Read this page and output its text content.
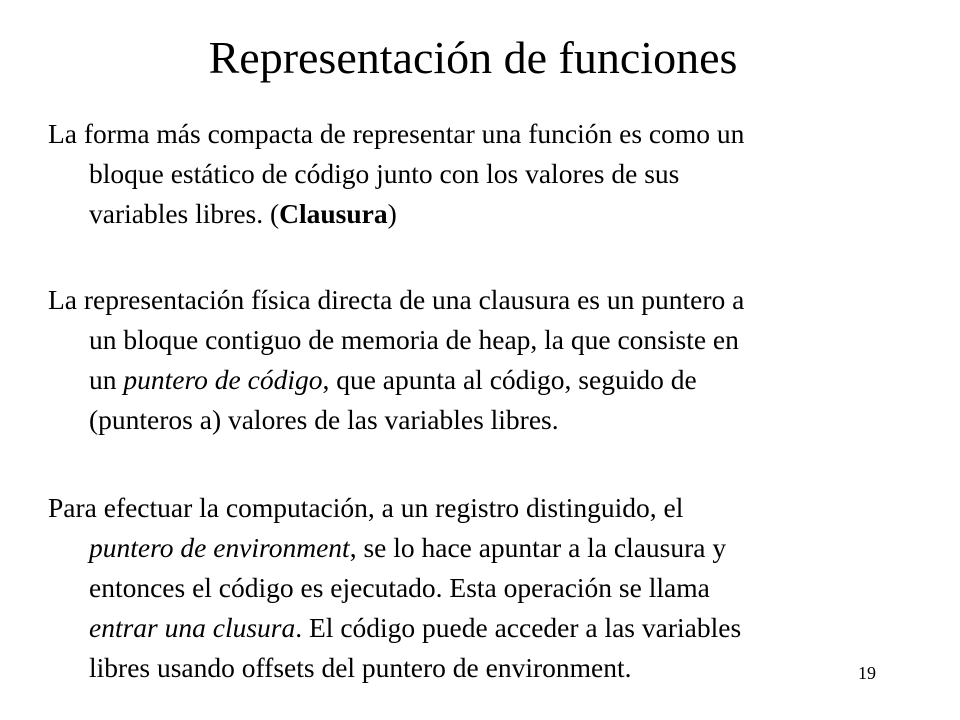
Representación de funciones
La forma más compacta de representar una función es como un
bloque estático de código junto con los valores de sus
variables libres. (Clausura)
La representación física directa de una clausura es un puntero a
un bloque contiguo de memoria de heap, la que consiste en
un puntero de código, que apunta al código, seguido de
(punteros a) valores de las variables libres.
Para efectuar la computación, a un registro distinguido, el
puntero de environment, se lo hace apuntar a la clausura y
entonces el código es ejecutado. Esta operación se llama
entrar una clusura. El código puede acceder a las variables
libres usando offsets del puntero de environment.	19
